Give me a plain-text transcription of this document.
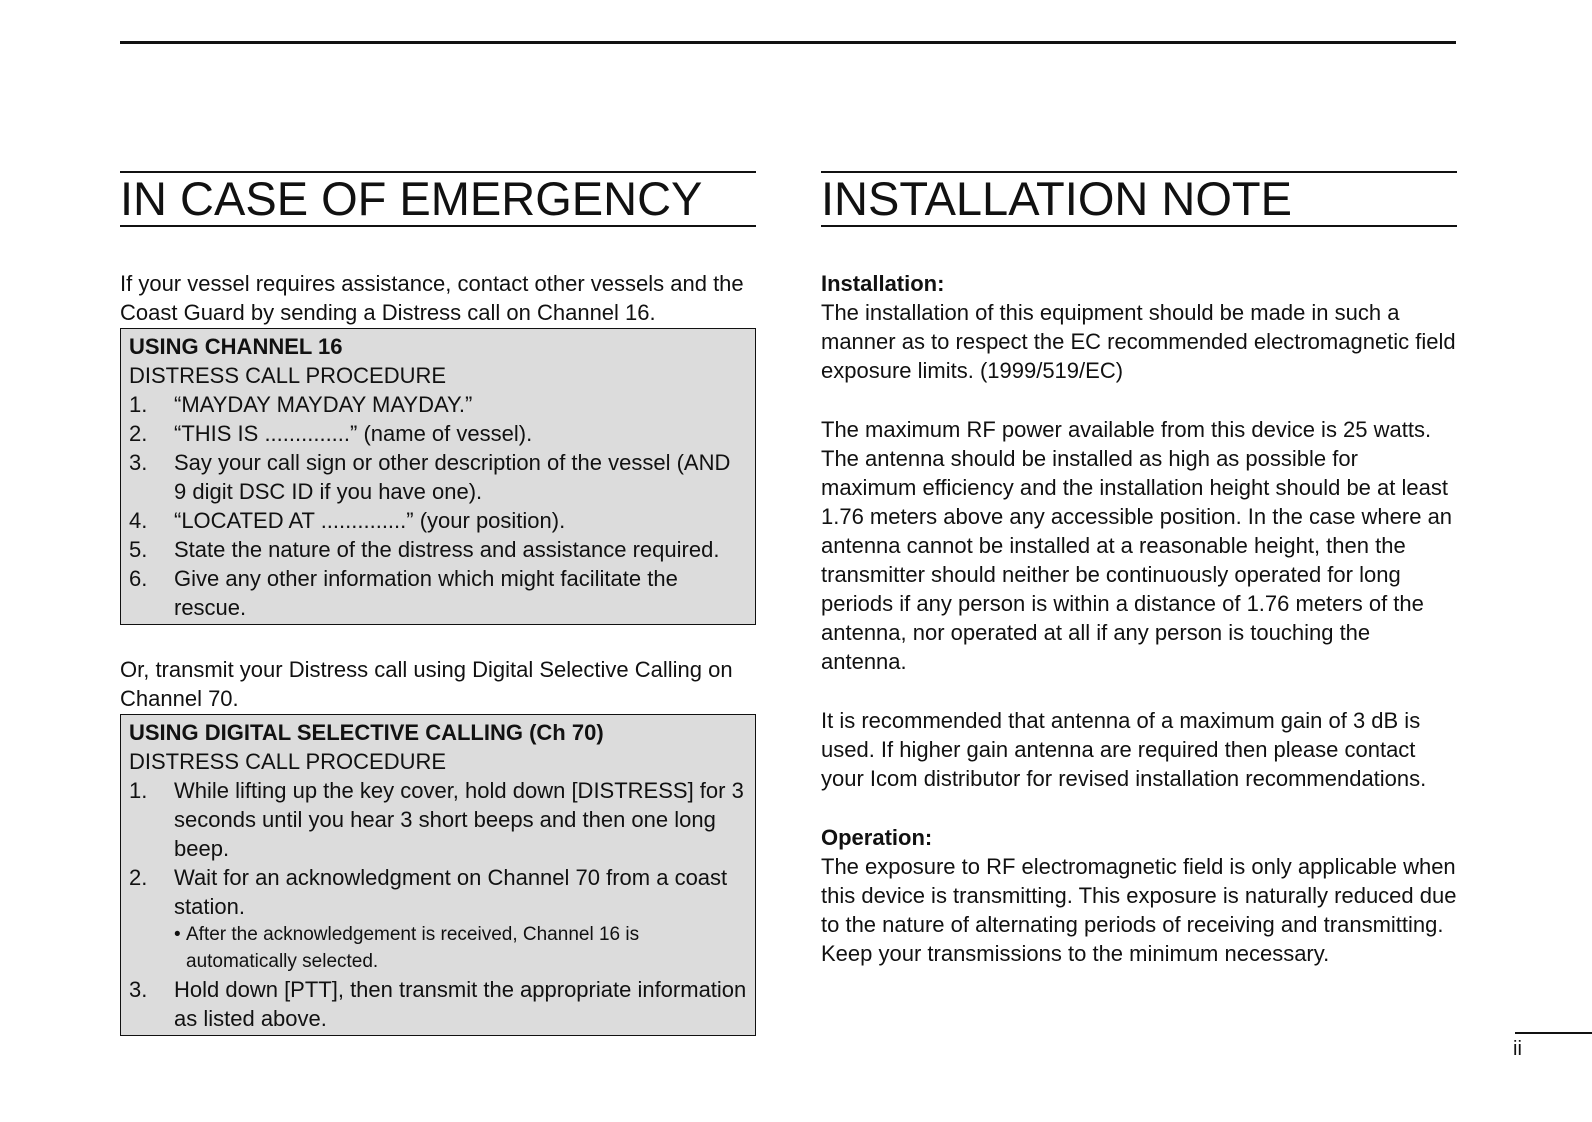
IN CASE OF EMERGENCY

If your vessel requires assistance, contact other vessels and the Coast Guard by sending a Distress call on Channel 16.

USING CHANNEL 16
DISTRESS CALL PROCEDURE
1. “MAYDAY MAYDAY MAYDAY.”
2. “THIS IS ..............” (name of vessel).
3. Say your call sign or other description of the vessel (AND 9 digit DSC ID if you have one).
4. “LOCATED AT ..............” (your position).
5. State the nature of the distress and assistance required.
6. Give any other information which might facilitate the rescue.

Or, transmit your Distress call using Digital Selective Calling on Channel 70.

USING DIGITAL SELECTIVE CALLING (Ch 70)
DISTRESS CALL PROCEDURE
1. While lifting up the key cover, hold down [DISTRESS] for 3 seconds until you hear 3 short beeps and then one long beep.
2. Wait for an acknowledgment on Channel 70 from a coast station.
• After the acknowledgement is received, Channel 16 is automatically selected.
3. Hold down [PTT], then transmit the appropriate information as listed above.
INSTALLATION NOTE

Installation:

The installation of this equipment should be made in such a manner as to respect the EC recommended electromagnetic field exposure limits. (1999/519/EC)

The maximum RF power available from this device is 25 watts. The antenna should be installed as high as possible for maximum efficiency and the installation height should be at least 1.76 meters above any accessible position. In the case where an antenna cannot be installed at a reasonable height, then the transmitter should neither be continuously operated for long periods if any person is within a distance of 1.76 meters of the antenna, nor operated at all if any person is touching the antenna.

It is recommended that antenna of a maximum gain of 3 dB is used. If higher gain antenna are required then please contact your Icom distributor for revised installation recommendations.

Operation:

The exposure to RF electromagnetic field is only applicable when this device is transmitting. This exposure is naturally reduced due to the nature of alternating periods of receiving and transmitting. Keep your transmissions to the minimum necessary.

ii
